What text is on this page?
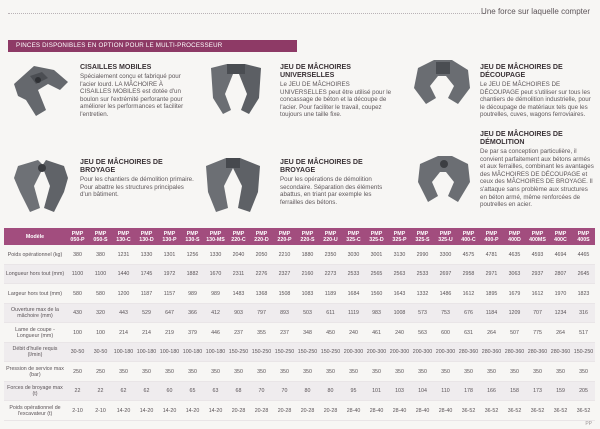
Une force sur laquelle compter
PINCES DISPONIBLES EN OPTION POUR LE MULTI-PROCESSEUR
CISAILLES MOBILES

Spécialement conçu et fabriqué pour l'acier lourd. LA MÂCHOIRE À CISAILLES MOBILES est dotée d'un boulon sur l'extrémité perforante pour améliorer les performances et faciliter l'entretien.

JEU DE MÂCHOIRES UNIVERSELLES

Le JEU DE MÂCHOIRES UNIVERSELLES peut être utilisé pour le concassage de béton et la découpe de l'acier. Pour faciliter le travail, coupez toujours une taille fixe.

JEU DE MÂCHOIRES DE DÉCOUPAGE

Le JEU DE MÂCHOIRES DE DÉCOUPAGE peut s'utiliser sur tous les chantiers de démolition industrielle, pour le découpage de matériaux tels que les poutrelles, cuves, wagons ferroviaires.

JEU DE MÂCHOIRES DE BROYAGE

Pour les chantiers de démolition primaire. Pour abattre les structures principales d'un bâtiment.

JEU DE MÂCHOIRES DE BROYAGE

Pour les opérations de démolition secondaire. Séparation des éléments abattus, en triant par exemple les ferrailles des bétons.

JEU DE MÂCHOIRES DE DÉMOLITION

De par sa conception particulière, il convient parfaitement aux bétons armés et aux ferrailles, combinant les avantages des MÂCHOIRES DE DÉCOUPAGE et ceux des MÂCHOIRES DE BROYAGE. Il s'attaque sans problème aux structures en béton armé, même renforcées de poutrelles en acier.

Modèle	PMP 050-P	PMP 050-S	PMP 130-C	PMP 130-D	PMP 130-P	PMP 130-S	PMP 130-MS	PMP 220-C	PMP 220-D	PMP 220-P	PMP 220-S	PMP 220-U	PMP 325-C	PMP 325-D	PMP 325-P	PMP 325-S	PMP 325-U	PMP 400-C	PMP 400-P	PMP 400D	PMP 400MS	PMP 400C	PMP 400S
Poids opérationnel (kg)	380	380	1231	1330	1301	1256	1330	2040	2050	2210	1880	2350	3030	3001	3130	2990	3300	4575	4781	4635	4593	4694	4465
Longueur hors tout (mm)	1100	1100	1440	1745	1972	1882	1670	2311	2276	2327	2160	2273	2533	2565	2563	2533	2697	2958	2971	3063	2937	2807	2645
Largeur hors tout (mm)	580	580	1200	1187	1157	989	989	1483	1368	1508	1083	1189	1684	1560	1643	1332	1486	1612	1895	1679	1612	1970	1823
Ouverture max de la mâchoire (mm)	430	320	443	529	647	366	412	903	797	893	503	611	1119	983	1008	573	753	676	1184	1209	707	1234	316
Lame de coupe - Longueur (mm)	100	100	214	214	219	379	446	237	355	237	348	450	240	461	240	563	600	631	264	507	775	264	517
Débit d'huile requis (l/min)	30-50	30-50	100-180	100-180	100-180	100-180	100-180	150-250	150-250	150-250	150-250	150-250	200-300	200-300	200-300	200-300	200-300	280-360	280-360	280-360	280-360	280-360	150-250
Pression de service max (bar)	250	250	350	350	350	350	350	350	350	350	350	350	350	350	350	350	350	350	350	350	350	350	350
Forces de broyage max (t)	22	22	62	62	60	65	63	68	70	70	80	80	95	101	103	104	110	178	166	158	173	159	205
Poids opérationnel de l'excavateur (t)	2-10	2-10	14-20	14-20	14-20	14-20	14-20	20-28	20-28	20-28	20-28	20-28	28-40	28-40	28-40	28-40	28-40	36-52	36-52	36-52	36-52	36-52	36-52
PP
